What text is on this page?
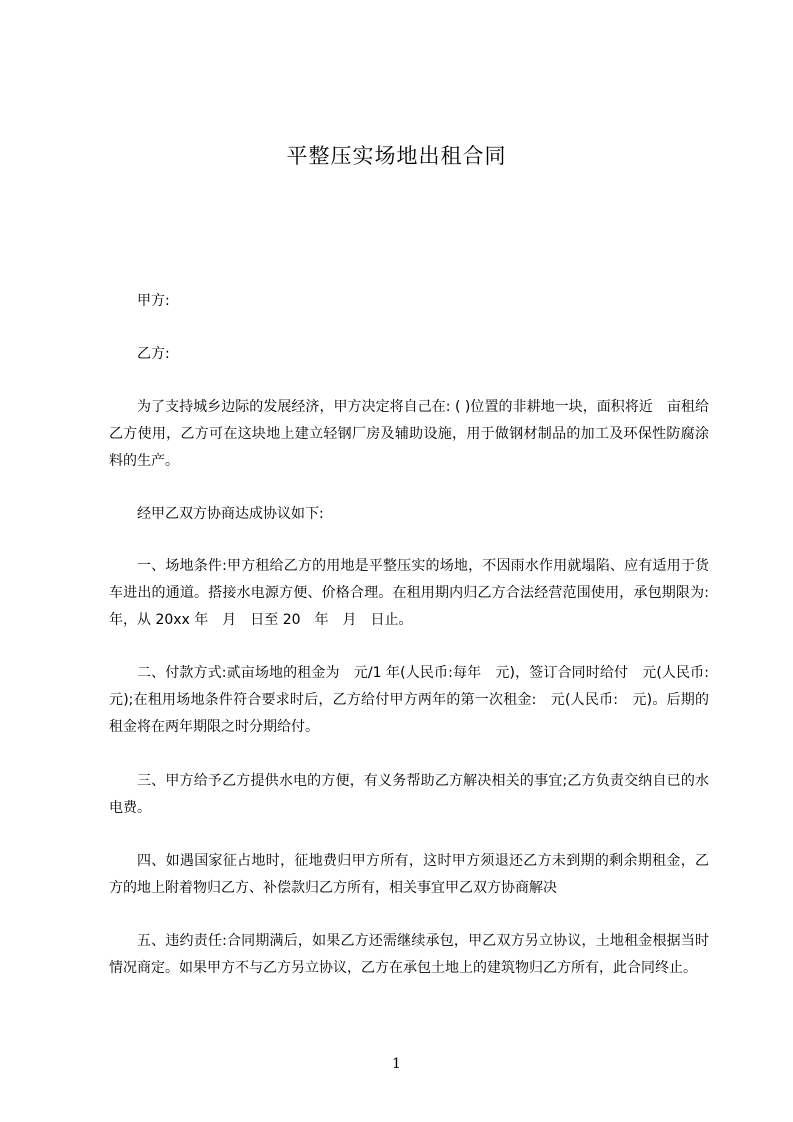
平整压实场地出租合同

甲方:

乙方:

为了支持城乡边际的发展经济，甲方决定将自己在: ( )位置的非耕地一块，面积将近　亩租给乙方使用，乙方可在这块地上建立轻钢厂房及辅助设施，用于做钢材制品的加工及环保性防腐涂料的生产。

经甲乙双方协商达成协议如下:

一、场地条件:甲方租给乙方的用地是平整压实的场地，不因雨水作用就塌陷、应有适用于货车进出的通道。搭接水电源方便、价格合理。在租用期内归乙方合法经营范围使用，承包期限为:　年，从 20xx 年　月　日至 20　年　月　日止。

二、付款方式:贰亩场地的租金为　元/1 年(人民币:每年　元)，签订合同时给付　元(人民币:　元);在租用场地条件符合要求时后，乙方给付甲方两年的第一次租金:　元(人民币:　元)。后期的租金将在两年期限之时分期给付。

三、甲方给予乙方提供水电的方便，有义务帮助乙方解决相关的事宜;乙方负责交纳自已的水电费。

四、如遇国家征占地时，征地费归甲方所有，这时甲方须退还乙方未到期的剩余期租金，乙方的地上附着物归乙方、补偿款归乙方所有，相关事宜甲乙双方协商解决

五、违约责任:合同期满后，如果乙方还需继续承包，甲乙双方另立协议，土地租金根据当时情况商定。如果甲方不与乙方另立协议，乙方在承包土地上的建筑物归乙方所有，此合同终止。

1
